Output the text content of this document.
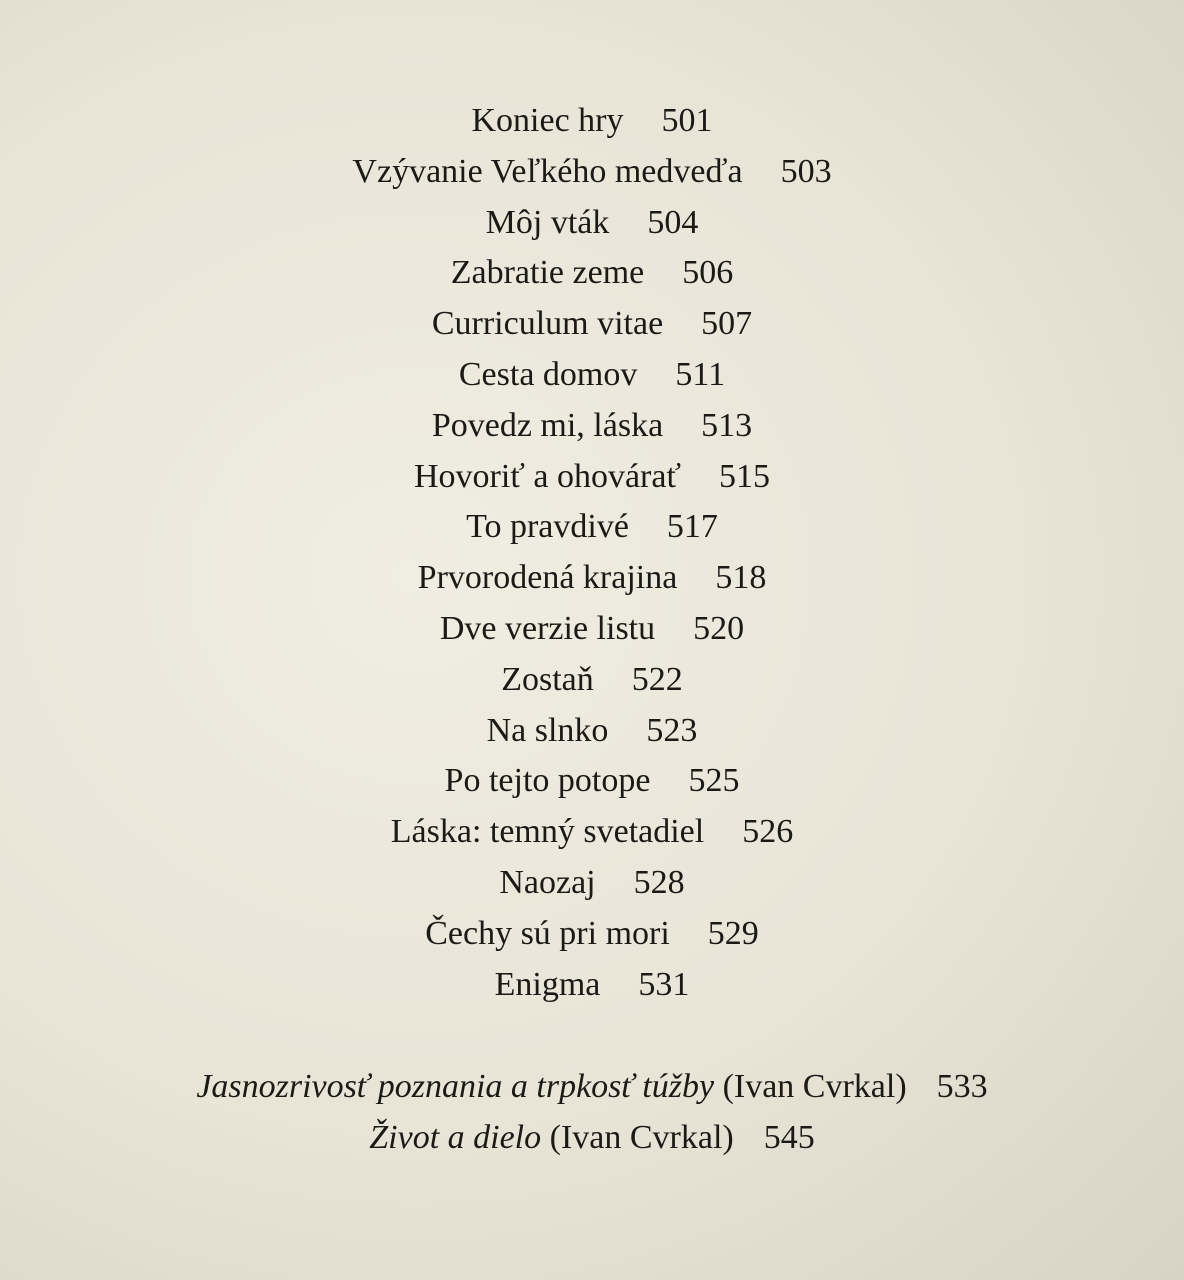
Koniec hry 501
Vzývanie Veľkého medveďa 503
Môj vták 504
Zabratie zeme 506
Curriculum vitae 507
Cesta domov 511
Povedz mi, láska 513
Hovoriť a ohovárať 515
To pravdivé 517
Prvorodená krajina 518
Dve verzie listu 520
Zostaň 522
Na slnko 523
Po tejto potope 525
Láska: temný svetadiel 526
Naozaj 528
Čechy sú pri mori 529
Enigma 531
Jasnozrivosť poznania a trpkosť túžby (Ivan Cvrkal) 533
Život a dielo (Ivan Cvrkal) 545
